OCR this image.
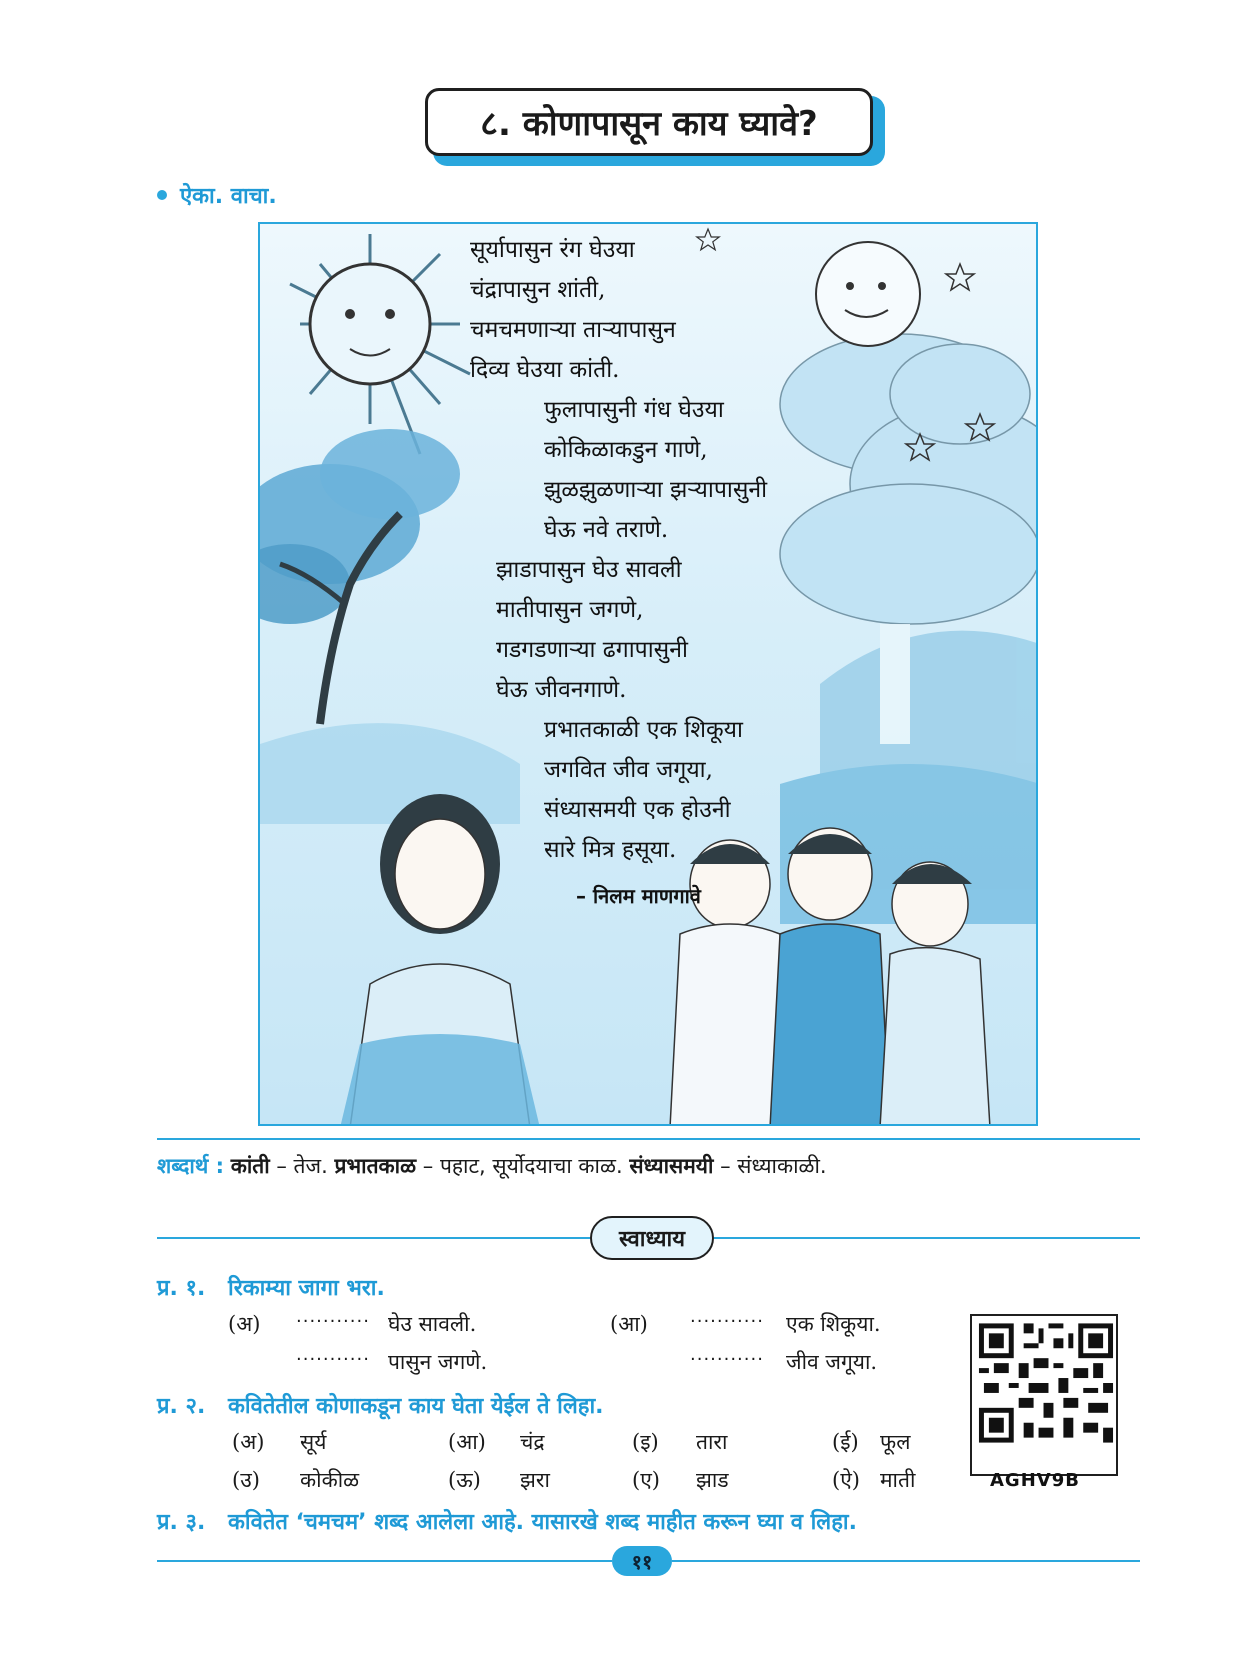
८. कोणापासून काय घ्यावे?
ऐका. वाचा.
सूर्यापासुन रंग घेउया
चंद्रापासुन शांती,
चमचमणाऱ्या ताऱ्यापासुन
दिव्य घेउया कांती.
फुलापासुनी गंध घेउया
कोकिळाकडुन गाणे,
झुळझुळणाऱ्या झऱ्यापासुनी
घेऊ नवे तराणे.
झाडापासुन घेउ सावली
मातीपासुन जगणे,
गडगडणाऱ्या ढगापासुनी
घेऊ जीवनगाणे.
प्रभातकाळी एक शिकूया
जगवित जीव जगूया,
संध्यासमयी एक होउनी
सारे मित्र हसूया.
– निलम माणगावे
शब्दार्थ : कांती – तेज. प्रभातकाळ – पहाट, सूर्योदयाचा काळ. संध्यासमयी – संध्याकाळी.
स्वाध्याय
प्र. १. रिकाम्या जागा भरा.
(अ) ........... घेउ सावली.
........... पासुन जगणे.
(आ) ........... एक शिकूया.
........... जीव जगूया.
प्र. २. कवितेतील कोणाकडून काय घेता येईल ते लिहा.
(अ) सूर्य	(आ) चंद्र	(इ) तारा	(ई) फूल
(उ) कोकीळ	(ऊ) झरा	(ए) झाड	(ऐ) माती	AGHV9B
प्र. ३. कवितेत ‘चमचम’ शब्द आलेला आहे. यासारखे शब्द माहीत करून घ्या व लिहा.
११
